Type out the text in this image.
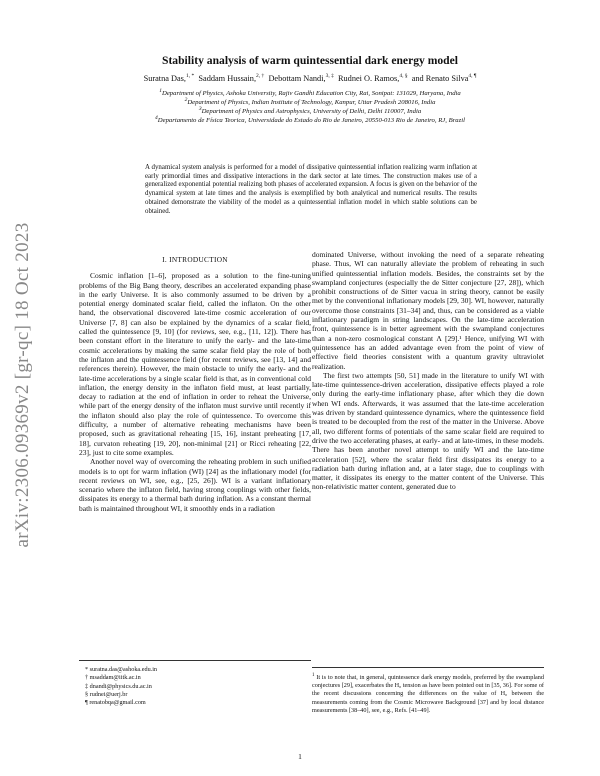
arXiv:2306.09369v2 [gr-qc] 18 Oct 2023
Stability analysis of warm quintessential dark energy model
Suratna Das,$^{1, *}$ Saddam Hussain,$^{2, \dagger}$ Debottam Nandi,$^{3, \ddagger}$ Rudnei O. Ramos,$^{4, \S}$ and Renato Silva$^{4, \P}$
$^1$Department of Physics, Ashoka University, Rajiv Gandhi Education City, Rai, Sonipat: 131029, Haryana, India
$^2$Department of Physics, Indian Institute of Technology, Kanpur, Uttar Pradesh 208016, India
$^3$Department of Physics and Astrophysics, University of Delhi, Delhi 110007, India
$^4$Departamento de Física Teorica, Universidade do Estado do Rio de Janeiro, 20550-013 Rio de Janeiro, RJ, Brazil
A dynamical system analysis is performed for a model of dissipative quintessential inflation realizing warm inflation at early primordial times and dissipative interactions in the dark sector at late times. The construction makes use of a generalized exponential potential realizing both phases of accelerated expansion. A focus is given on the behavior of the dynamical system at late times and the analysis is exemplified by both analytical and numerical results. The results obtained demonstrate the viability of the model as a quintessential inflation model in which stable solutions can be obtained.
I. INTRODUCTION

Cosmic inflation [1–6], proposed as a solution to the fine-tuning problems of the Big Bang theory, describes an accelerated expanding phase in the early Universe. It is also commonly assumed to be driven by a potential energy dominated scalar field, called the inflaton. On the other hand, the observational discovered late-time cosmic acceleration of our Universe [7, 8] can also be explained by the dynamics of a scalar field, called the quintessence [9, 10] (for reviews, see, e.g., [11, 12]). There has been constant effort in the literature to unify the early- and the late-time cosmic accelerations by making the same scalar field play the role of both the inflaton and the quintessence field (for recent reviews, see [13, 14] and references therein). However, the main obstacle to unify the early- and the late-time accelerations by a single scalar field is that, as in conventional cold inflation, the energy density in the inflaton field must, at least partially, decay to radiation at the end of inflation in order to reheat the Universe, while part of the energy density of the inflaton must survive until recently if the inflaton should also play the role of quintessence. To overcome this difficulty, a number of alternative reheating mechanisms have been proposed, such as gravitational reheating [15, 16], instant preheating [17, 18], curvaton reheating [19, 20], non-minimal [21] or Ricci reheating [22, 23], just to cite some examples.

Another novel way of overcoming the reheating problem in such unified models is to opt for warm inflation (WI) [24] as the inflationary model (for recent reviews on WI, see, e.g., [25, 26]). WI is a variant inflationary scenario where the inflaton field, having strong couplings with other fields, dissipates its energy to a thermal bath during inflation. As a constant thermal bath is maintained throughout WI, it smoothly ends in a radiation

dominated Universe, without invoking the need of a separate reheating phase. Thus, WI can naturally alleviate the problem of reheating in such unified quintessential inflation models. Besides, the constraints set by the swampland conjectures (especially the de Sitter conjecture [27, 28]), which prohibit constructions of de Sitter vacua in string theory, cannot be easily met by the conventional inflationary models [29, 30]. WI, however, naturally overcome those constraints [31–34] and, thus, can be considered as a viable inflationary paradigm in string landscapes. On the late-time acceleration front, quintessence is in better agreement with the swampland conjectures than a non-zero cosmological constant Λ [29].¹ Hence, unifying WI with quintessence has an added advantage even from the point of view of effective field theories consistent with a quantum gravity ultraviolet realization.

The first two attempts [50, 51] made in the literature to unify WI with late-time quintessence-driven acceleration, dissipative effects played a role only during the early-time inflationary phase, after which they die down when WI ends. Afterwards, it was assumed that the late-time acceleration was driven by standard quintessence dynamics, where the quintessence field is treated to be decoupled from the rest of the matter in the Universe. Above all, two different forms of potentials of the same scalar field are required to drive the two accelerating phases, at early- and at late-times, in these models. There has been another novel attempt to unify WI and the late-time acceleration [52], where the scalar field first dissipates its energy to a radiation bath during inflation and, at a later stage, due to couplings with matter, it dissipates its energy to the matter content of the Universe. This non-relativistic matter content, generated due to

* suratna.das@ashoka.edu.in
† msaddam@iitk.ac.in
‡ dnandi@physics.du.ac.in
§ rudnei@uerj.br
¶ renatobqa@gmail.com
$^1$ It is to note that, in general, quintessence dark energy models, preferred by the swampland conjectures [29], exacerbates the H₀ tension as have been pointed out in [35, 36]. For some of the recent discussions concerning the differences on the value of H₀ between the measurements coming from the Cosmic Microwave Background [37] and by local distance measurements [38–40], see, e.g., Refs. [41–49].
1
